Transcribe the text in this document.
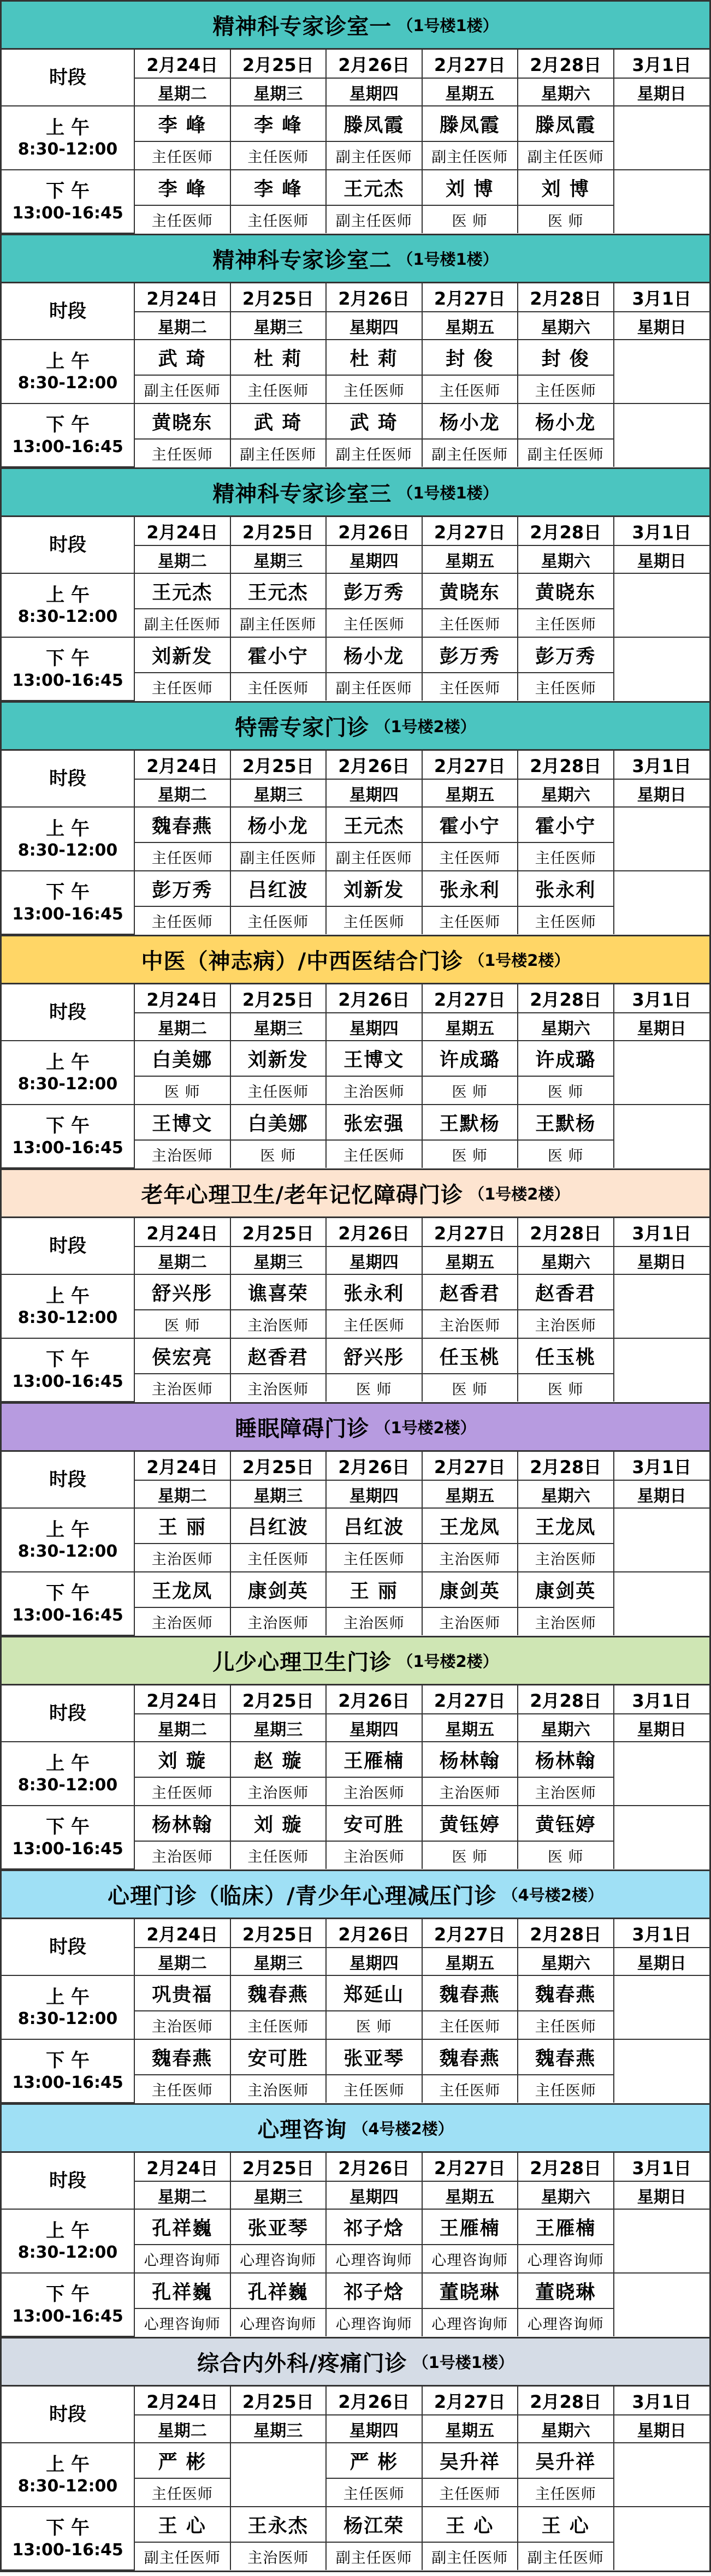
精神科专家诊室一 （1号楼1楼）
时段	2月24日	2月25日	2月26日	2月27日	2月28日	3月1日
	星期二	星期三	星期四	星期五	星期六	星期日
上 午
8:30-12:00	李 峰	李 峰	滕凤霞	滕凤霞	滕凤霞	
	主任医师	主任医师	副主任医师	副主任医师	副主任医师	
下 午
13:00-16:45	李 峰	李 峰	王元杰	刘 博	刘 博	
	主任医师	主任医师	副主任医师	医 师	医 师	
精神科专家诊室二 （1号楼1楼）
时段	2月24日	2月25日	2月26日	2月27日	2月28日	3月1日
	星期二	星期三	星期四	星期五	星期六	星期日
上 午
8:30-12:00	武 琦	杜 莉	杜 莉	封 俊	封 俊	
	副主任医师	主任医师	主任医师	主任医师	主任医师	
下 午
13:00-16:45	黄晓东	武 琦	武 琦	杨小龙	杨小龙	
	主任医师	副主任医师	副主任医师	副主任医师	副主任医师	
精神科专家诊室三 （1号楼1楼）
时段	2月24日	2月25日	2月26日	2月27日	2月28日	3月1日
	星期二	星期三	星期四	星期五	星期六	星期日
上 午
8:30-12:00	王元杰	王元杰	彭万秀	黄晓东	黄晓东	
	副主任医师	副主任医师	主任医师	主任医师	主任医师	
下 午
13:00-16:45	刘新发	霍小宁	杨小龙	彭万秀	彭万秀	
	主任医师	主任医师	副主任医师	主任医师	主任医师	
特需专家门诊 （1号楼2楼）
时段	2月24日	2月25日	2月26日	2月27日	2月28日	3月1日
	星期二	星期三	星期四	星期五	星期六	星期日
上 午
8:30-12:00	魏春燕	杨小龙	王元杰	霍小宁	霍小宁	
	主任医师	副主任医师	副主任医师	主任医师	主任医师	
下 午
13:00-16:45	彭万秀	吕红波	刘新发	张永利	张永利	
	主任医师	主任医师	主任医师	主任医师	主任医师	
中医（神志病）/中西医结合门诊 （1号楼2楼）
时段	2月24日	2月25日	2月26日	2月27日	2月28日	3月1日
	星期二	星期三	星期四	星期五	星期六	星期日
上 午
8:30-12:00	白美娜	刘新发	王博文	许成璐	许成璐	
	医 师	主任医师	主治医师	医 师	医 师	
下 午
13:00-16:45	王博文	白美娜	张宏强	王默杨	王默杨	
	主治医师	医 师	主任医师	医 师	医 师	
老年心理卫生/老年记忆障碍门诊 （1号楼2楼）
时段	2月24日	2月25日	2月26日	2月27日	2月28日	3月1日
	星期二	星期三	星期四	星期五	星期六	星期日
上 午
8:30-12:00	舒兴彤	谯喜荣	张永利	赵香君	赵香君	
	医 师	主治医师	主任医师	主治医师	主治医师	
下 午
13:00-16:45	侯宏亮	赵香君	舒兴彤	任玉桃	任玉桃	
	主治医师	主治医师	医 师	医 师	医 师	
睡眠障碍门诊 （1号楼2楼）
时段	2月24日	2月25日	2月26日	2月27日	2月28日	3月1日
	星期二	星期三	星期四	星期五	星期六	星期日
上 午
8:30-12:00	王 丽	吕红波	吕红波	王龙凤	王龙凤	
	主治医师	主任医师	主任医师	主治医师	主治医师	
下 午
13:00-16:45	王龙凤	康剑英	王 丽	康剑英	康剑英	
	主治医师	主治医师	主治医师	主治医师	主治医师	
儿少心理卫生门诊 （1号楼2楼）
时段	2月24日	2月25日	2月26日	2月27日	2月28日	3月1日
	星期二	星期三	星期四	星期五	星期六	星期日
上 午
8:30-12:00	刘 璇	赵 璇	王雁楠	杨林翰	杨林翰	
	主任医师	主治医师	主治医师	主治医师	主治医师	
下 午
13:00-16:45	杨林翰	刘 璇	安可胜	黄钰婷	黄钰婷	
	主治医师	主任医师	主治医师	医 师	医 师	
心理门诊（临床）/青少年心理减压门诊 （4号楼2楼）
时段	2月24日	2月25日	2月26日	2月27日	2月28日	3月1日
	星期二	星期三	星期四	星期五	星期六	星期日
上 午
8:30-12:00	巩贵福	魏春燕	郑延山	魏春燕	魏春燕	
	主治医师	主任医师	医 师	主任医师	主任医师	
下 午
13:00-16:45	魏春燕	安可胜	张亚琴	魏春燕	魏春燕	
	主任医师	主治医师	主任医师	主任医师	主任医师	
心理咨询 （4号楼2楼）
时段	2月24日	2月25日	2月26日	2月27日	2月28日	3月1日
	星期二	星期三	星期四	星期五	星期六	星期日
上 午
8:30-12:00	孔祥巍	张亚琴	祁子焓	王雁楠	王雁楠	
	心理咨询师	心理咨询师	心理咨询师	心理咨询师	心理咨询师	
下 午
13:00-16:45	孔祥巍	孔祥巍	祁子焓	董晓琳	董晓琳	
	心理咨询师	心理咨询师	心理咨询师	心理咨询师	心理咨询师	
综合内外科/疼痛门诊 （1号楼1楼）
时段	2月24日	2月25日	2月26日	2月27日	2月28日	3月1日
	星期二	星期三	星期四	星期五	星期六	星期日
上 午
8:30-12:00	严 彬		严 彬	吴升祥	吴升祥	
	主任医师		主任医师	主任医师	主任医师	
下 午
13:00-16:45	王 心	王永杰	杨江荣	王 心	王 心	
	副主任医师	主治医师	副主任医师	副主任医师	副主任医师	
